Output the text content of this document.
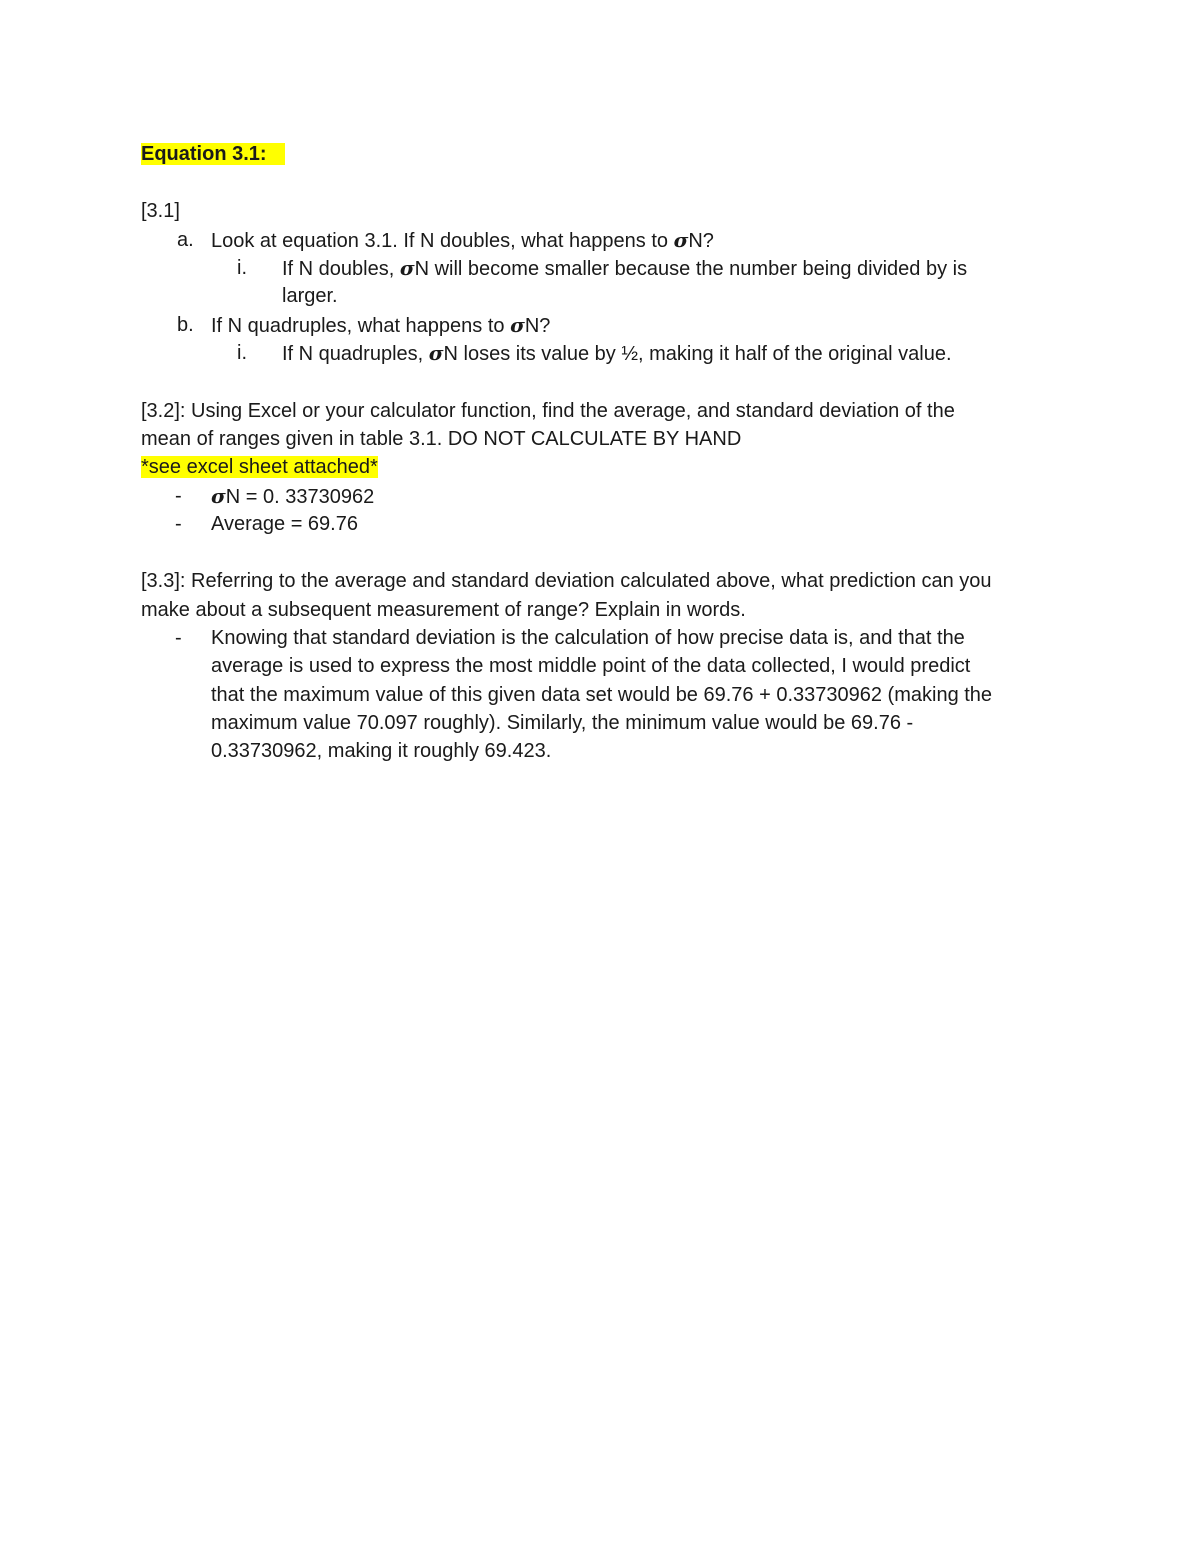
Equation 3.1:
[3.1]
a. Look at equation 3.1. If N doubles, what happens to σN?
i. If N doubles, σN will become smaller because the number being divided by is
larger.
b. If N quadruples, what happens to σN?
i. If N quadruples, σN loses its value by ½, making it half of the original value.
[3.2]: Using Excel or your calculator function, find the average, and standard deviation of the
mean of ranges given in table 3.1. DO NOT CALCULATE BY HAND
*see excel sheet attached*
- σN = 0. 33730962
- Average = 69.76
[3.3]: Referring to the average and standard deviation calculated above, what prediction can you
make about a subsequent measurement of range? Explain in words.
- Knowing that standard deviation is the calculation of how precise data is, and that the
average is used to express the most middle point of the data collected, I would predict
that the maximum value of this given data set would be 69.76 + 0.33730962 (making the
maximum value 70.097 roughly). Similarly, the minimum value would be 69.76 -
0.33730962, making it roughly 69.423.
